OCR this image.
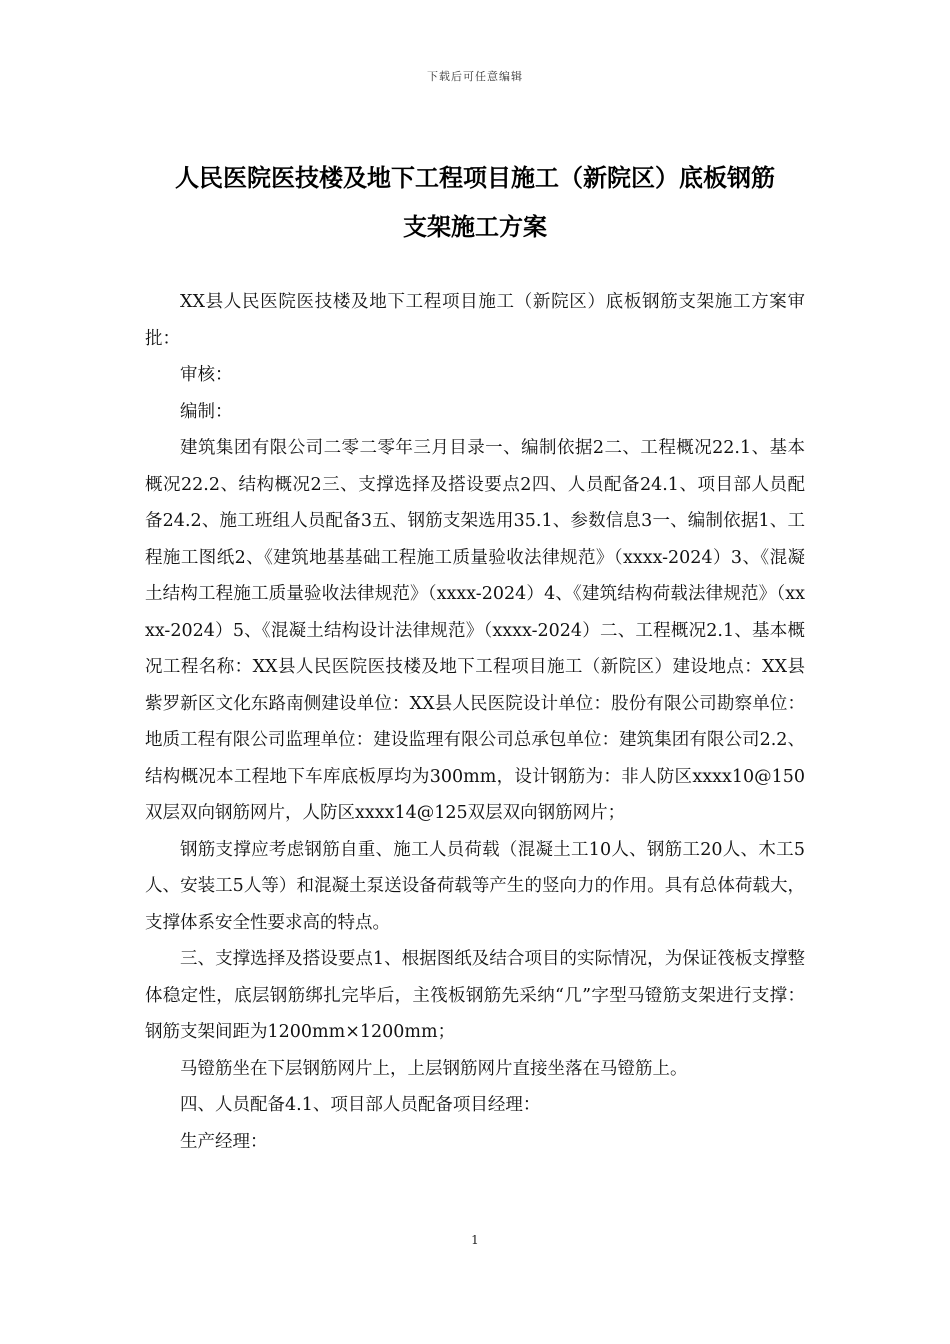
下载后可任意编辑
人民医院医技楼及地下工程项目施工（新院区）底板钢筋
支架施工方案

XX县人民医院医技楼及地下工程项目施工（新院区）底板钢筋支架施工方案审批：

审核：

编制：

建筑集团有限公司二零二零年三月目录一、编制依据2二、工程概况22.1、基本概况22.2、结构概况2三、支撑选择及搭设要点2四、人员配备24.1、项目部人员配备24.2、施工班组人员配备3五、钢筋支架选用35.1、参数信息3一、编制依据1、工程施工图纸2、《建筑地基基础工程施工质量验收法律规范》（xxxx-2024）3、《混凝土结构工程施工质量验收法律规范》（xxxx-2024）4、《建筑结构荷载法律规范》（xxxx-2024）5、《混凝土结构设计法律规范》（xxxx-2024）二、工程概况2.1、基本概况工程名称：XX县人民医院医技楼及地下工程项目施工（新院区）建设地点：XX县紫罗新区文化东路南侧建设单位：XX县人民医院设计单位：股份有限公司勘察单位：地质工程有限公司监理单位：建设监理有限公司总承包单位：建筑集团有限公司2.2、结构概况本工程地下车库底板厚均为300mm，设计钢筋为：非人防区xxxx10@150双层双向钢筋网片，人防区xxxx14@125双层双向钢筋网片；

钢筋支撑应考虑钢筋自重、施工人员荷载（混凝土工10人、钢筋工20人、木工5人、安装工5人等）和混凝土泵送设备荷载等产生的竖向力的作用。具有总体荷载大，支撑体系安全性要求高的特点。

三、支撑选择及搭设要点1、根据图纸及结合项目的实际情况，为保证筏板支撑整体稳定性，底层钢筋绑扎完毕后，主筏板钢筋先采纳“几”字型马镫筋支架进行支撑：钢筋支架间距为1200mm×1200mm；

马镫筋坐在下层钢筋网片上，上层钢筋网片直接坐落在马镫筋上。

四、人员配备4.1、项目部人员配备项目经理：

生产经理：

1
